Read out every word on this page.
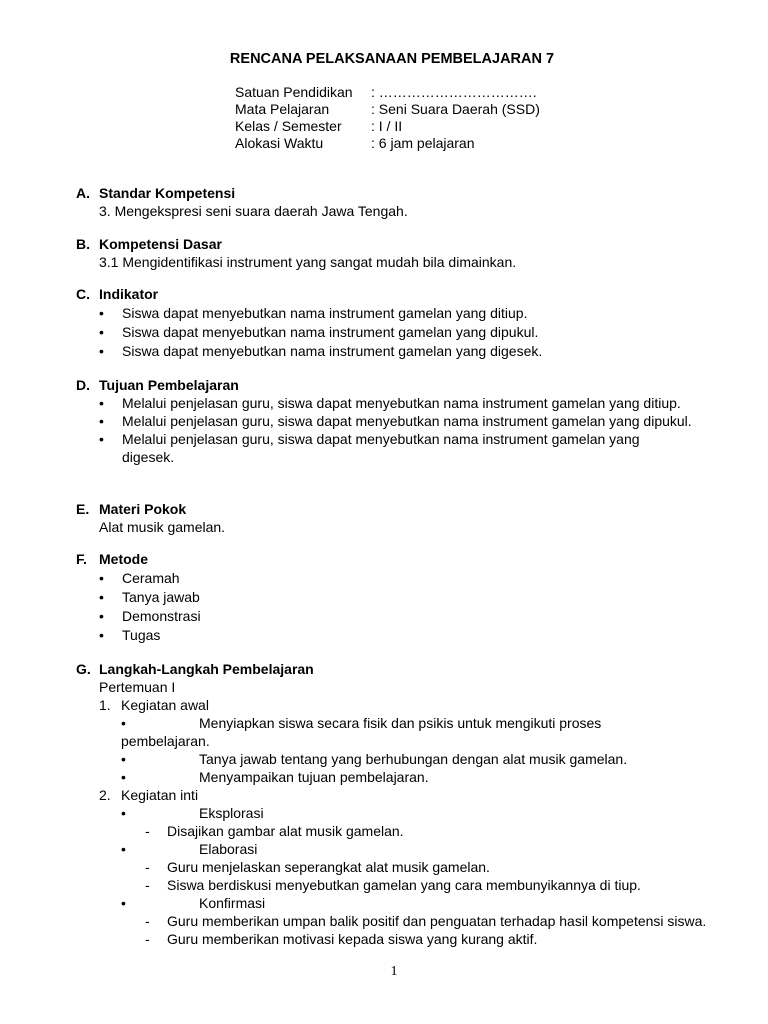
RENCANA PELAKSANAAN PEMBELAJARAN 7
Satuan Pendidikan	: …………………………….
Mata Pelajaran	: Seni Suara Daerah (SSD)
Kelas / Semester	: I / II
Alokasi Waktu	: 6 jam pelajaran
A. Standar Kompetensi
3. Mengekspresi seni suara daerah Jawa Tengah.
B. Kompetensi Dasar
3.1 Mengidentifikasi instrument yang sangat mudah bila dimainkan.
C. Indikator
•	Siswa dapat menyebutkan nama instrument gamelan yang ditiup.
•	Siswa dapat menyebutkan nama instrument gamelan yang dipukul.
•	Siswa dapat menyebutkan nama instrument gamelan yang digesek.
D. Tujuan Pembelajaran
•	Melalui penjelasan guru, siswa dapat menyebutkan nama instrument gamelan yang ditiup.
•	Melalui penjelasan guru, siswa dapat menyebutkan nama instrument gamelan yang dipukul.
•	Melalui penjelasan guru, siswa dapat menyebutkan nama instrument gamelan yang digesek.
E. Materi Pokok
Alat musik gamelan.
F. Metode
•	Ceramah
•	Tanya jawab
•	Demonstrasi
•	Tugas
G. Langkah-Langkah Pembelajaran
Pertemuan I
1. Kegiatan awal
•	Menyiapkan siswa secara fisik dan psikis untuk mengikuti proses
pembelajaran.
•	Tanya jawab tentang yang berhubungan dengan alat musik gamelan.
•	Menyampaikan tujuan pembelajaran.
2. Kegiatan inti
•	Eksplorasi
-	Disajikan gambar alat musik gamelan.
•	Elaborasi
-	Guru menjelaskan seperangkat alat musik gamelan.
-	Siswa berdiskusi menyebutkan gamelan yang cara membunyikannya di tiup.
•	Konfirmasi
-	Guru memberikan umpan balik positif dan penguatan terhadap hasil kompetensi siswa.
-	Guru memberikan motivasi kepada siswa yang kurang aktif.
1
